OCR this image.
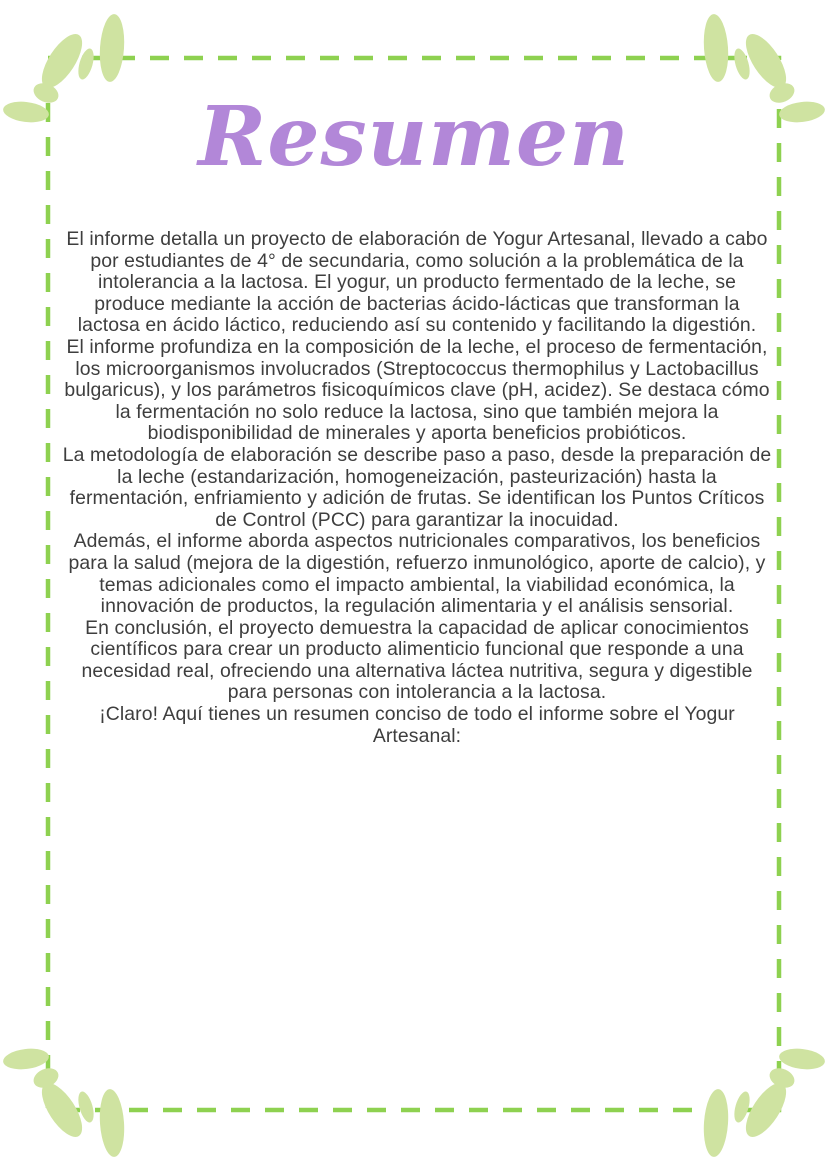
Resumen

El informe detalla un proyecto de elaboración de Yogur Artesanal, llevado a cabo por estudiantes de 4° de secundaria, como solución a la problemática de la intolerancia a la lactosa. El yogur, un producto fermentado de la leche, se produce mediante la acción de bacterias ácido-lácticas que transforman la lactosa en ácido láctico, reduciendo así su contenido y facilitando la digestión.

El informe profundiza en la composición de la leche, el proceso de fermentación, los microorganismos involucrados (Streptococcus thermophilus y Lactobacillus bulgaricus), y los parámetros fisicoquímicos clave (pH, acidez). Se destaca cómo la fermentación no solo reduce la lactosa, sino que también mejora la biodisponibilidad de minerales y aporta beneficios probióticos.

La metodología de elaboración se describe paso a paso, desde la preparación de la leche (estandarización, homogeneización, pasteurización) hasta la fermentación, enfriamiento y adición de frutas. Se identifican los Puntos Críticos de Control (PCC) para garantizar la inocuidad.

Además, el informe aborda aspectos nutricionales comparativos, los beneficios para la salud (mejora de la digestión, refuerzo inmunológico, aporte de calcio), y temas adicionales como el impacto ambiental, la viabilidad económica, la innovación de productos, la regulación alimentaria y el análisis sensorial.

En conclusión, el proyecto demuestra la capacidad de aplicar conocimientos científicos para crear un producto alimenticio funcional que responde a una necesidad real, ofreciendo una alternativa láctea nutritiva, segura y digestible para personas con intolerancia a la lactosa.

¡Claro! Aquí tienes un resumen conciso de todo el informe sobre el Yogur Artesanal:
